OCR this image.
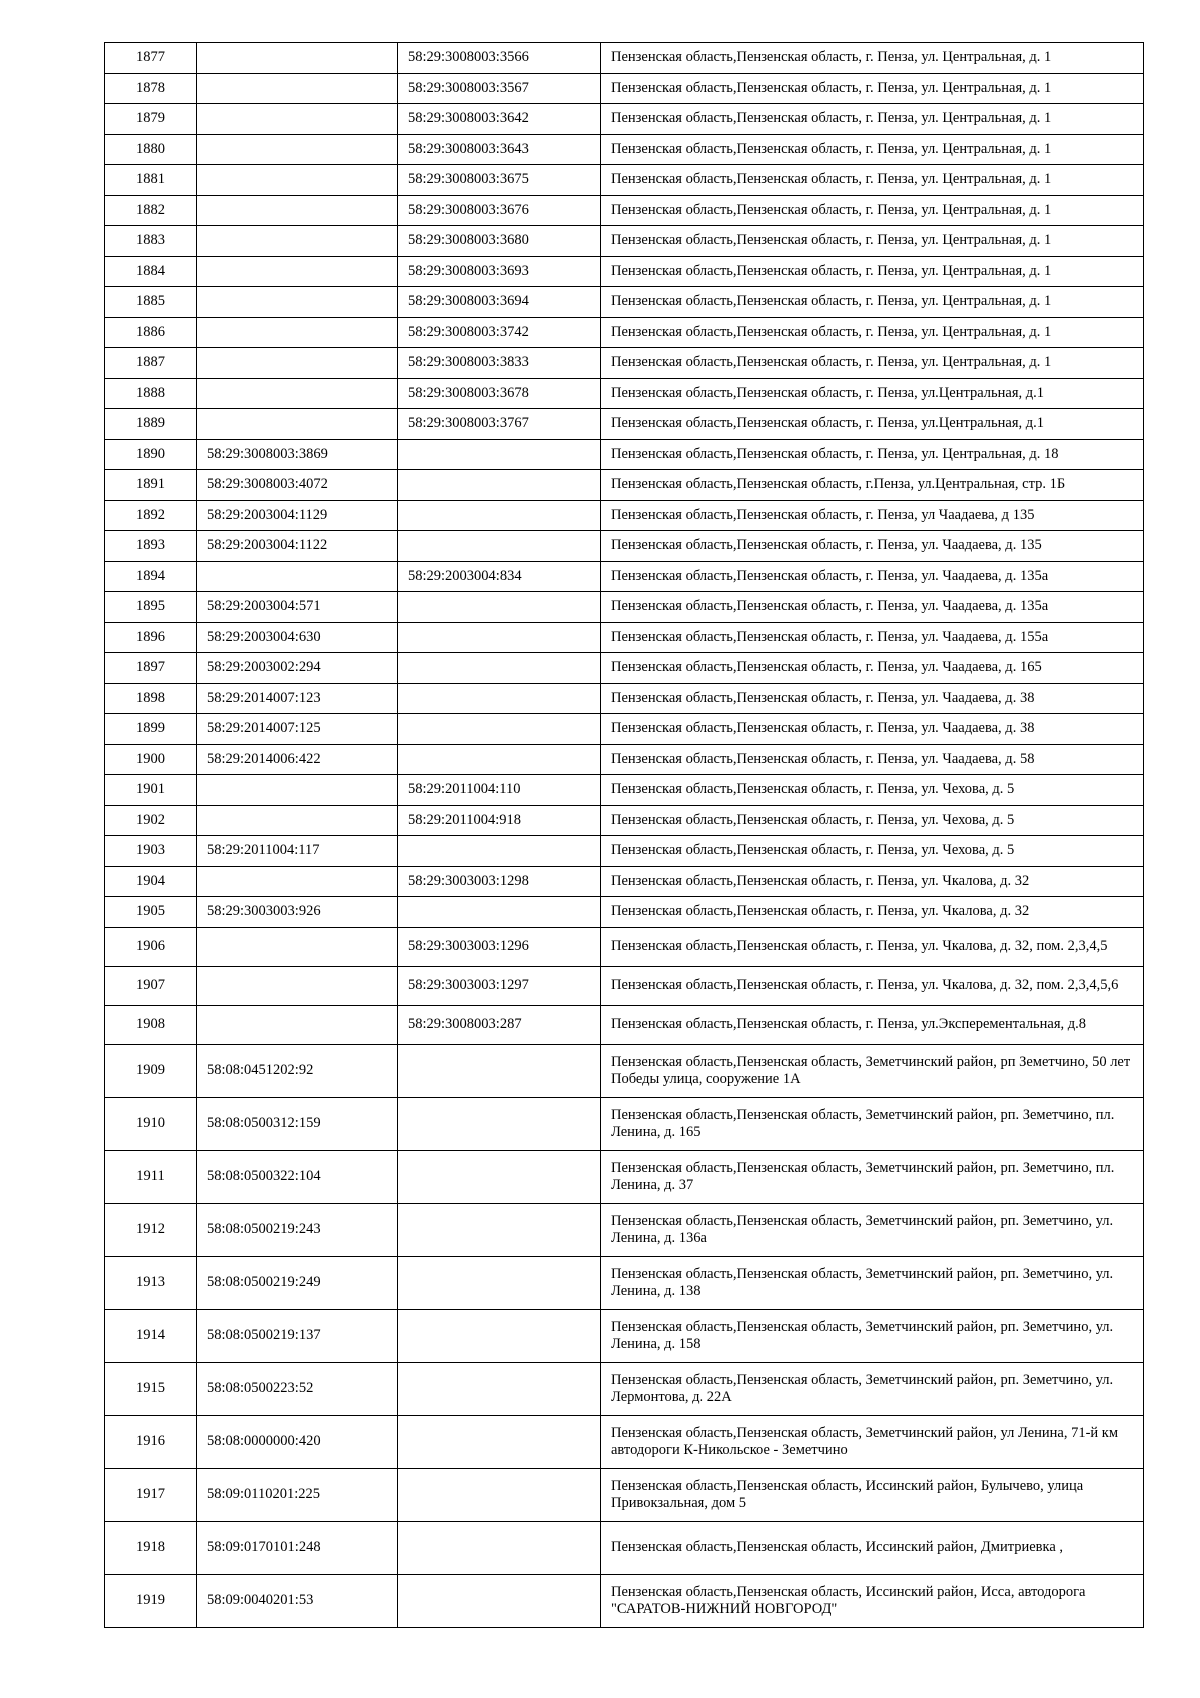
1877		58:29:3008003:3566	Пензенская область,Пензенская область, г. Пенза, ул. Центральная, д. 1
1878		58:29:3008003:3567	Пензенская область,Пензенская область, г. Пенза, ул. Центральная, д. 1
1879		58:29:3008003:3642	Пензенская область,Пензенская область, г. Пенза, ул. Центральная, д. 1
1880		58:29:3008003:3643	Пензенская область,Пензенская область, г. Пенза, ул. Центральная, д. 1
1881		58:29:3008003:3675	Пензенская область,Пензенская область, г. Пенза, ул. Центральная, д. 1
1882		58:29:3008003:3676	Пензенская область,Пензенская область, г. Пенза, ул. Центральная, д. 1
1883		58:29:3008003:3680	Пензенская область,Пензенская область, г. Пенза, ул. Центральная, д. 1
1884		58:29:3008003:3693	Пензенская область,Пензенская область, г. Пенза, ул. Центральная, д. 1
1885		58:29:3008003:3694	Пензенская область,Пензенская область, г. Пенза, ул. Центральная, д. 1
1886		58:29:3008003:3742	Пензенская область,Пензенская область, г. Пенза, ул. Центральная, д. 1
1887		58:29:3008003:3833	Пензенская область,Пензенская область, г. Пенза, ул. Центральная, д. 1
1888		58:29:3008003:3678	Пензенская область,Пензенская область, г. Пенза, ул.Центральная, д.1
1889		58:29:3008003:3767	Пензенская область,Пензенская область, г. Пенза, ул.Центральная, д.1
1890	58:29:3008003:3869		Пензенская область,Пензенская область, г. Пенза, ул. Центральная, д. 18
1891	58:29:3008003:4072		Пензенская область,Пензенская область, г.Пенза, ул.Центральная, стр. 1Б
1892	58:29:2003004:1129		Пензенская область,Пензенская область, г. Пенза, ул Чаадаева, д 135
1893	58:29:2003004:1122		Пензенская область,Пензенская область, г. Пенза, ул. Чаадаева, д. 135
1894		58:29:2003004:834	Пензенская область,Пензенская область, г. Пенза, ул. Чаадаева, д. 135а
1895	58:29:2003004:571		Пензенская область,Пензенская область, г. Пенза, ул. Чаадаева, д. 135а
1896	58:29:2003004:630		Пензенская область,Пензенская область, г. Пенза, ул. Чаадаева, д. 155а
1897	58:29:2003002:294		Пензенская область,Пензенская область, г. Пенза, ул. Чаадаева, д. 165
1898	58:29:2014007:123		Пензенская область,Пензенская область, г. Пенза, ул. Чаадаева, д. 38
1899	58:29:2014007:125		Пензенская область,Пензенская область, г. Пенза, ул. Чаадаева, д. 38
1900	58:29:2014006:422		Пензенская область,Пензенская область, г. Пенза, ул. Чаадаева, д. 58
1901		58:29:2011004:110	Пензенская область,Пензенская область, г. Пенза, ул. Чехова, д. 5
1902		58:29:2011004:918	Пензенская область,Пензенская область, г. Пенза, ул. Чехова, д. 5
1903	58:29:2011004:117		Пензенская область,Пензенская область, г. Пенза, ул. Чехова, д. 5
1904		58:29:3003003:1298	Пензенская область,Пензенская область, г. Пенза, ул. Чкалова, д. 32
1905	58:29:3003003:926		Пензенская область,Пензенская область, г. Пенза, ул. Чкалова, д. 32
1906		58:29:3003003:1296	Пензенская область,Пензенская область, г. Пенза, ул. Чкалова, д. 32, пом. 2,3,4,5
1907		58:29:3003003:1297	Пензенская область,Пензенская область, г. Пенза, ул. Чкалова, д. 32, пом. 2,3,4,5,6
1908		58:29:3008003:287	Пензенская область,Пензенская область, г. Пенза, ул.Эксперементальная, д.8
1909	58:08:0451202:92		Пензенская область,Пензенская область, Земетчинский район, рп Земетчино, 50 лет Победы улица, сооружение 1А
1910	58:08:0500312:159		Пензенская область,Пензенская область, Земетчинский район, рп. Земетчино, пл. Ленина, д. 165
1911	58:08:0500322:104		Пензенская область,Пензенская область, Земетчинский район, рп. Земетчино, пл. Ленина, д. 37
1912	58:08:0500219:243		Пензенская область,Пензенская область, Земетчинский район, рп. Земетчино, ул. Ленина, д. 136а
1913	58:08:0500219:249		Пензенская область,Пензенская область, Земетчинский район, рп. Земетчино, ул. Ленина, д. 138
1914	58:08:0500219:137		Пензенская область,Пензенская область, Земетчинский район, рп. Земетчино, ул. Ленина, д. 158
1915	58:08:0500223:52		Пензенская область,Пензенская область, Земетчинский район, рп. Земетчино, ул. Лермонтова, д. 22А
1916	58:08:0000000:420		Пензенская область,Пензенская область, Земетчинский район, ул Ленина, 71-й км автодороги К-Никольское - Земетчино
1917	58:09:0110201:225		Пензенская область,Пензенская область, Иссинский район, Булычево, улица Привокзальная, дом 5
1918	58:09:0170101:248		Пензенская область,Пензенская область, Иссинский район, Дмитриевка ,
1919	58:09:0040201:53		Пензенская область,Пензенская область, Иссинский район, Исса, автодорога "САРАТОВ-НИЖНИЙ НОВГОРОД"
